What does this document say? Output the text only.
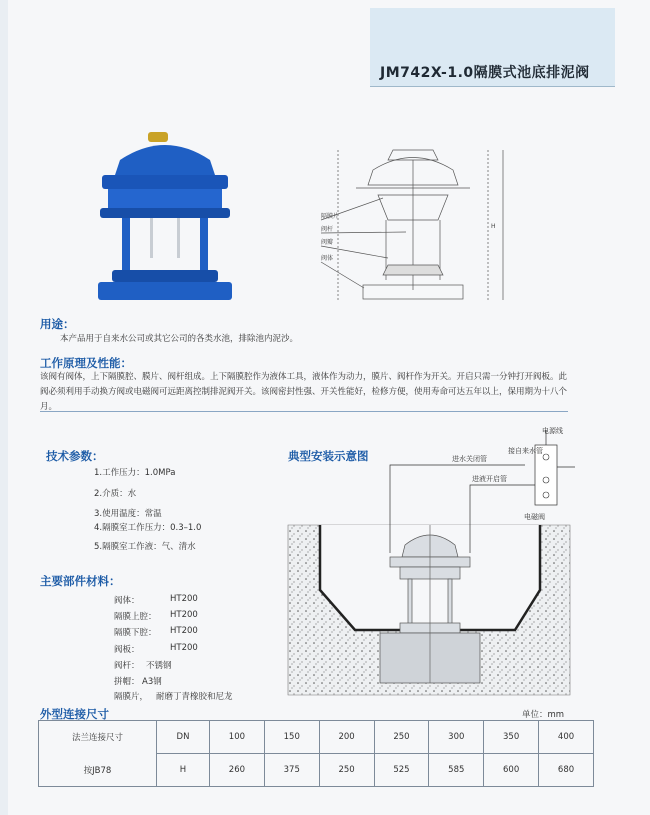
JM742X-1.0隔膜式池底排泥阀
隔膜片
阀杆
阀瓣
阀体
H
用途：
本产品用于自来水公司或其它公司的各类水池，排除池内泥沙。
工作原理及性能：
该阀有阀体，上下隔膜腔、膜片、阀杆组成。上下隔膜腔作为液体工具，液体作为动力，膜片、阀杆作为开关。开启只需一分钟打开阀板。此阀必须利用手动换方阀或电磁阀可远距离控制排泥阀开关。该阀密封性强、开关性能好，检修方便，使用寿命可达五年以上，保用期为十八个月。
技术参数：
1.工作压力：1.0MPa
2.介质：水
3.使用温度：常温
4.隔膜室工作压力：0.3–1.0
5.隔膜室工作液：气、清水
主要部件材料：
阀体：	HT200
隔膜上腔： HT200
隔膜下腔： HT200
阀板：	HT200
阀杆： 不锈钢
拼帽： A3钢
隔膜片， 耐磨丁青橡胶和尼龙
典型安装示意图
电源线
进水关闭管
接自来水管
进液开启管
电磁阀
外型连接尺寸	单位：mm
法兰连接尺寸	DN	100	150	200	250	300	350	400
按JB78	H	260	375	250	525	585	600	680
